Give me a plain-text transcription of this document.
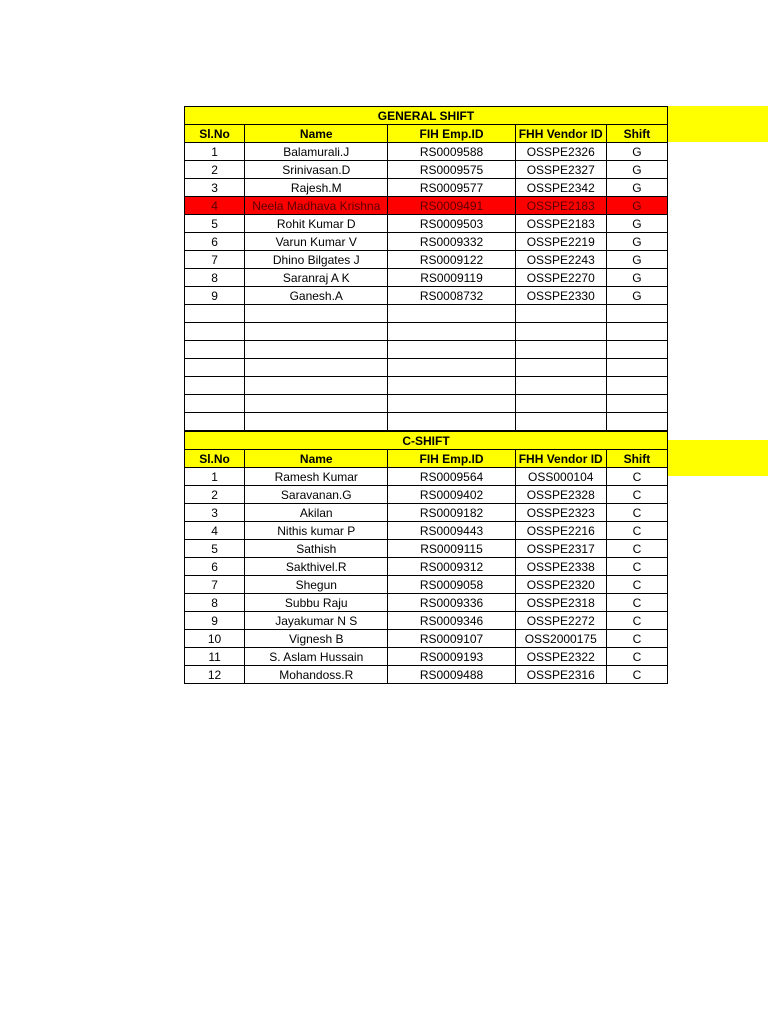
GENERAL SHIFT				
Sl.No	Name	FIH Emp.ID	FHH Vendor ID	Shift
1	Balamurali.J	RS0009588	OSSPE2326	G
2	Srinivasan.D	RS0009575	OSSPE2327	G
3	Rajesh.M	RS0009577	OSSPE2342	G
4	Neela Madhava Krishna	RS0009491	OSSPE2183	G
5	Rohit Kumar D	RS0009503	OSSPE2183	G
6	Varun Kumar V	RS0009332	OSSPE2219	G
7	Dhino Bilgates J	RS0009122	OSSPE2243	G
8	Saranraj A K	RS0009119	OSSPE2270	G
9	Ganesh.A	RS0008732	OSSPE2330	G

C-SHIFT				
Sl.No	Name	FIH Emp.ID	FHH Vendor ID	Shift
1	Ramesh Kumar	RS0009564	OSS000104	C
2	Saravanan.G	RS0009402	OSSPE2328	C
3	Akilan	RS0009182	OSSPE2323	C
4	Nithis kumar P	RS0009443	OSSPE2216	C
5	Sathish	RS0009115	OSSPE2317	C
6	Sakthivel.R	RS0009312	OSSPE2338	C
7	Shegun	RS0009058	OSSPE2320	C
8	Subbu Raju	RS0009336	OSSPE2318	C
9	Jayakumar N S	RS0009346	OSSPE2272	C
10	Vignesh B	RS0009107	OSS2000175	C
11	S. Aslam Hussain	RS0009193	OSSPE2322	C
12	Mohandoss.R	RS0009488	OSSPE2316	C
